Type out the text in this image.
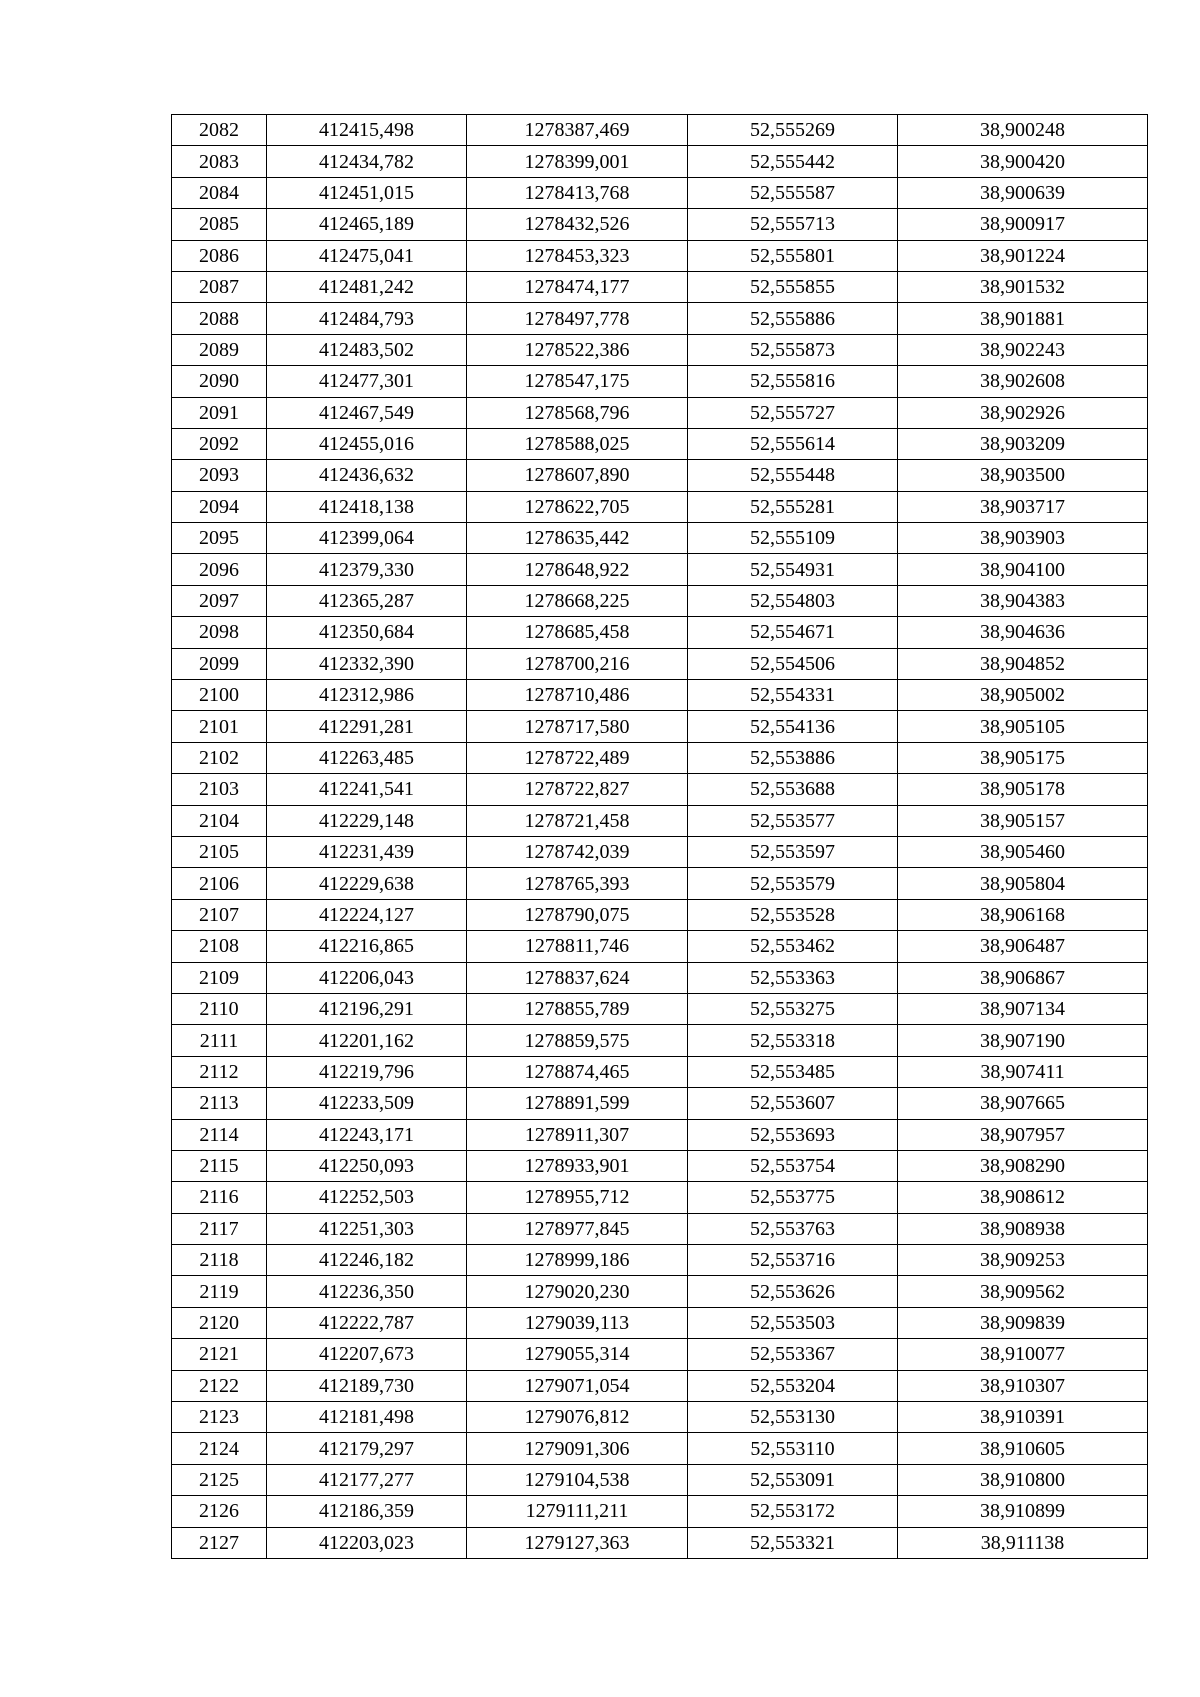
2082	412415,498	1278387,469	52,555269	38,900248
2083	412434,782	1278399,001	52,555442	38,900420
2084	412451,015	1278413,768	52,555587	38,900639
2085	412465,189	1278432,526	52,555713	38,900917
2086	412475,041	1278453,323	52,555801	38,901224
2087	412481,242	1278474,177	52,555855	38,901532
2088	412484,793	1278497,778	52,555886	38,901881
2089	412483,502	1278522,386	52,555873	38,902243
2090	412477,301	1278547,175	52,555816	38,902608
2091	412467,549	1278568,796	52,555727	38,902926
2092	412455,016	1278588,025	52,555614	38,903209
2093	412436,632	1278607,890	52,555448	38,903500
2094	412418,138	1278622,705	52,555281	38,903717
2095	412399,064	1278635,442	52,555109	38,903903
2096	412379,330	1278648,922	52,554931	38,904100
2097	412365,287	1278668,225	52,554803	38,904383
2098	412350,684	1278685,458	52,554671	38,904636
2099	412332,390	1278700,216	52,554506	38,904852
2100	412312,986	1278710,486	52,554331	38,905002
2101	412291,281	1278717,580	52,554136	38,905105
2102	412263,485	1278722,489	52,553886	38,905175
2103	412241,541	1278722,827	52,553688	38,905178
2104	412229,148	1278721,458	52,553577	38,905157
2105	412231,439	1278742,039	52,553597	38,905460
2106	412229,638	1278765,393	52,553579	38,905804
2107	412224,127	1278790,075	52,553528	38,906168
2108	412216,865	1278811,746	52,553462	38,906487
2109	412206,043	1278837,624	52,553363	38,906867
2110	412196,291	1278855,789	52,553275	38,907134
2111	412201,162	1278859,575	52,553318	38,907190
2112	412219,796	1278874,465	52,553485	38,907411
2113	412233,509	1278891,599	52,553607	38,907665
2114	412243,171	1278911,307	52,553693	38,907957
2115	412250,093	1278933,901	52,553754	38,908290
2116	412252,503	1278955,712	52,553775	38,908612
2117	412251,303	1278977,845	52,553763	38,908938
2118	412246,182	1278999,186	52,553716	38,909253
2119	412236,350	1279020,230	52,553626	38,909562
2120	412222,787	1279039,113	52,553503	38,909839
2121	412207,673	1279055,314	52,553367	38,910077
2122	412189,730	1279071,054	52,553204	38,910307
2123	412181,498	1279076,812	52,553130	38,910391
2124	412179,297	1279091,306	52,553110	38,910605
2125	412177,277	1279104,538	52,553091	38,910800
2126	412186,359	1279111,211	52,553172	38,910899
2127	412203,023	1279127,363	52,553321	38,911138
